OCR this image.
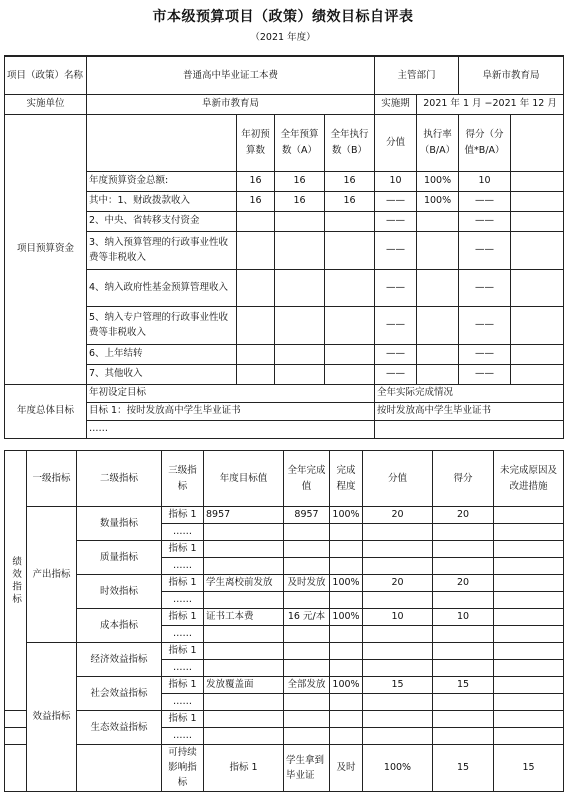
市本级预算项目（政策）绩效目标自评表
（2021 年度）
项目（政策）名称	普通高中毕业证工本费				主管部门		阜新市教育局	
实施单位	阜新市教育局				实施期	2021 年 1 月 −2021 年 12 月		
项目预算资金		年初预算数	全年预算数（A）	全年执行数（B）	分值	执行率（B/A）	得分（分值*B/A）	
	年度预算资金总额:	16	16	16	10	100%	10	
	其中：1、财政拨款收入	16	16	16	——	100%	——	
	2、中央、省转移支付资金				——		——	
	3、纳入预算管理的行政事业性收费等非税收入				——		——	
	4、纳入政府性基金预算管理收入				——		——	
	5、纳入专户管理的行政事业性收费等非税收入				——		——	
	6、上年结转				——		——	
	7、其他收入				——		——	
年度总体目标	年初设定目标				全年实际完成情况			
	目标 1：按时发放高中学生毕业证书				按时发放高中学生毕业证书			
	……							
绩效指标	一级指标	二级指标	三级指标	年度目标值	全年完成值	完成程度	分值	得分	未完成原因及改进措施	
	产出指标	数量指标	指标 1	8957	8957	100%	20	20		
			……							
		质量指标	指标 1							
			……							
		时效指标	指标 1	学生离校前发放	及时发放	100%	20	20		
			……							
		成本指标	指标 1	证书工本费	16 元/本	100%	10	10		
			……							
	效益指标	经济效益指标	指标 1							
			……							
		社会效益指标	指标 1	发放覆盖面	全部发放	100%	15	15		
			……							
		生态效益指标	指标 1							
			……							
			可持续影响指标	指标 1	学生拿到毕业证	及时	100%	15	15	
